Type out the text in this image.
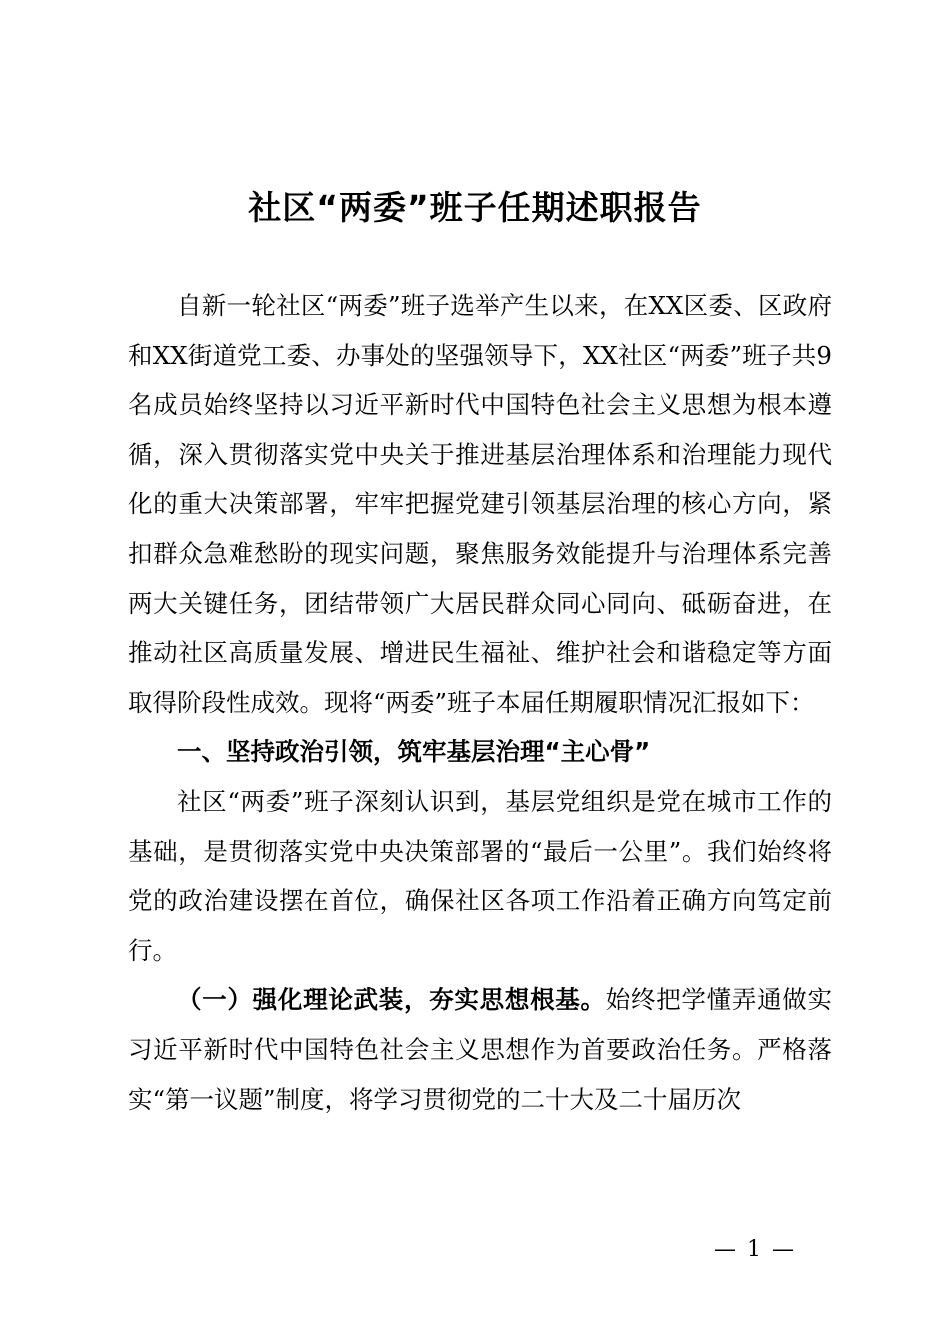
社区“两委”班子任期述职报告

自新一轮社区“两委”班子选举产生以来，在XX区委、区政府和XX街道党工委、办事处的坚强领导下，XX社区“两委”班子共9名成员始终坚持以习近平新时代中国特色社会主义思想为根本遵循，深入贯彻落实党中央关于推进基层治理体系和治理能力现代化的重大决策部署，牢牢把握党建引领基层治理的核心方向，紧扣群众急难愁盼的现实问题，聚焦服务效能提升与治理体系完善两大关键任务，团结带领广大居民群众同心同向、砥砺奋进，在推动社区高质量发展、增进民生福祉、维护社会和谐稳定等方面取得阶段性成效。现将“两委”班子本届任期履职情况汇报如下：

一、坚持政治引领，筑牢基层治理“主心骨”

社区“两委”班子深刻认识到，基层党组织是党在城市工作的基础，是贯彻落实党中央决策部署的“最后一公里”。我们始终将党的政治建设摆在首位，确保社区各项工作沿着正确方向笃定前行。

（一）强化理论武装，夯实思想根基。始终把学懂弄通做实习近平新时代中国特色社会主义思想作为首要政治任务。严格落实“第一议题”制度，将学习贯彻党的二十大及二十届历次

— 1 —
